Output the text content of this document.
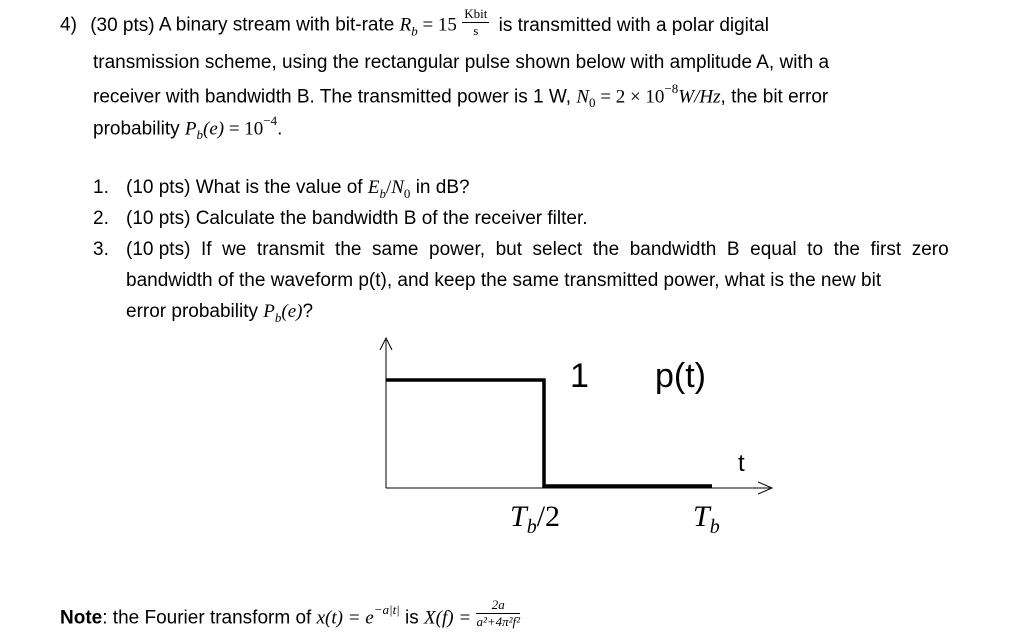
4) (30 pts) A binary stream with bit-rate $R_b = 15 \frac{\text{Kbit}}{s}$ is transmitted with a polar digital
transmission scheme, using the rectangular pulse shown below with amplitude A, with a
receiver with bandwidth B. The transmitted power is 1 W, $N_0 = 2 \times 10^{-8}W/Hz$, the bit error
probability $P_b(e) = 10^{-4}$.
1. (10 pts) What is the value of $E_b/N_0$ in dB?
2. (10 pts) Calculate the bandwidth B of the receiver filter.
3. (10 pts)  If  we  transmit  the  same  power,  but  select  the  bandwidth  B  equal  to  the  first  zero
bandwidth of the waveform p(t), and keep the same transmitted power, what is the new bit
error probability $P_b(e)$?
1 p(t)
t
$T_b/2$	$T_b$
Note: the Fourier transform of $x(t) = e^{-a|t|}$ is $X(f) = \frac{2a}{\text{a²+4π²f²}}$
